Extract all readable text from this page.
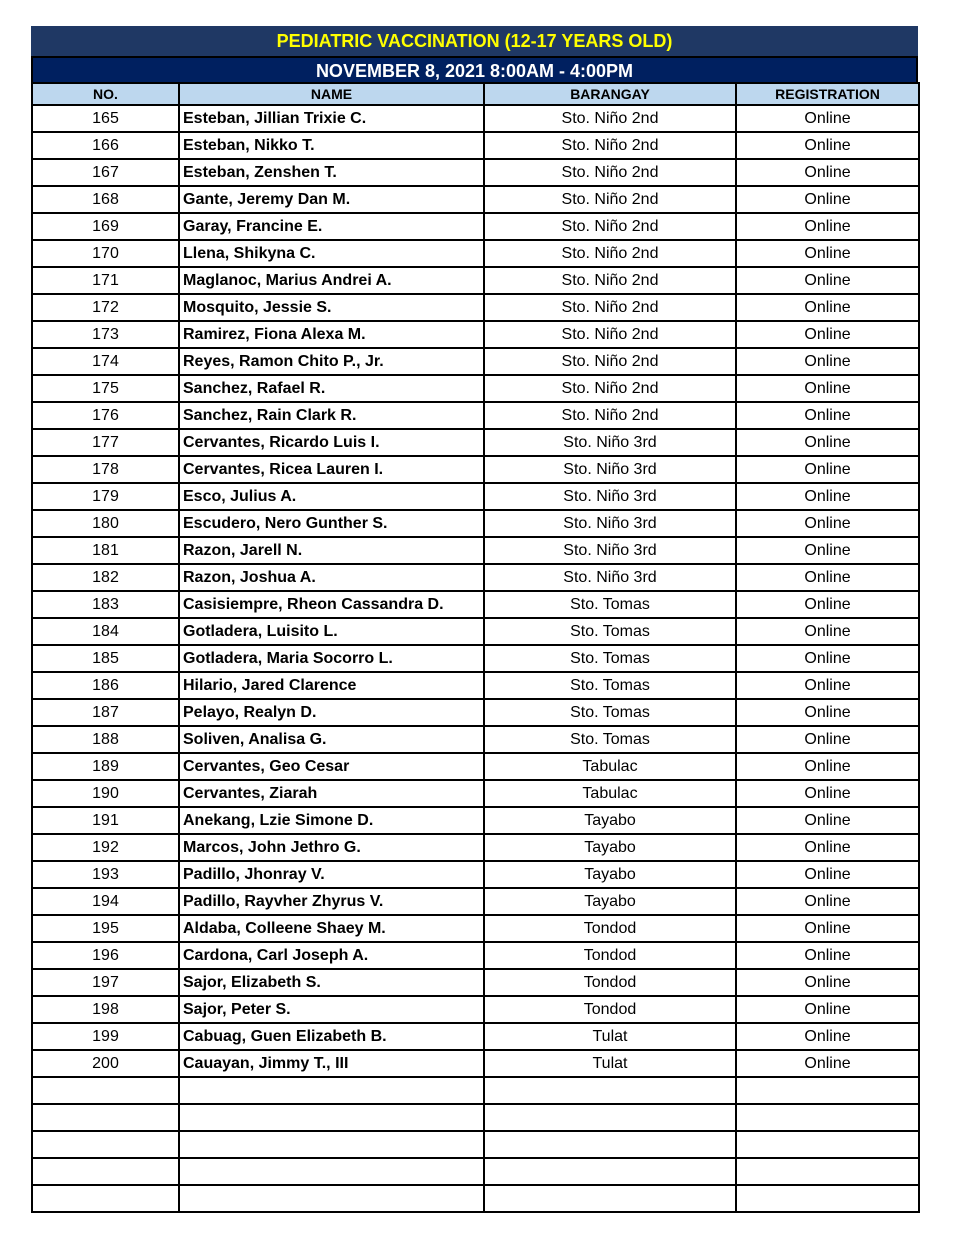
PEDIATRIC VACCINATION (12-17 YEARS OLD)
NOVEMBER 8, 2021 8:00AM - 4:00PM
NO.	NAME	BARANGAY	REGISTRATION
165	Esteban, Jillian Trixie C.	Sto. Niño 2nd	Online
166	Esteban, Nikko T.	Sto. Niño 2nd	Online
167	Esteban, Zenshen T.	Sto. Niño 2nd	Online
168	Gante, Jeremy Dan M.	Sto. Niño 2nd	Online
169	Garay, Francine E.	Sto. Niño 2nd	Online
170	Llena, Shikyna C.	Sto. Niño 2nd	Online
171	Maglanoc, Marius Andrei A.	Sto. Niño 2nd	Online
172	Mosquito, Jessie S.	Sto. Niño 2nd	Online
173	Ramirez, Fiona Alexa M.	Sto. Niño 2nd	Online
174	Reyes, Ramon Chito P., Jr.	Sto. Niño 2nd	Online
175	Sanchez, Rafael R.	Sto. Niño 2nd	Online
176	Sanchez, Rain Clark R.	Sto. Niño 2nd	Online
177	Cervantes, Ricardo Luis I.	Sto. Niño 3rd	Online
178	Cervantes, Ricea Lauren I.	Sto. Niño 3rd	Online
179	Esco, Julius A.	Sto. Niño 3rd	Online
180	Escudero, Nero Gunther S.	Sto. Niño 3rd	Online
181	Razon, Jarell N.	Sto. Niño 3rd	Online
182	Razon, Joshua A.	Sto. Niño 3rd	Online
183	Casisiempre, Rheon Cassandra D.	Sto. Tomas	Online
184	Gotladera, Luisito L.	Sto. Tomas	Online
185	Gotladera, Maria Socorro L.	Sto. Tomas	Online
186	Hilario, Jared Clarence	Sto. Tomas	Online
187	Pelayo, Realyn D.	Sto. Tomas	Online
188	Soliven, Analisa G.	Sto. Tomas	Online
189	Cervantes, Geo Cesar	Tabulac	Online
190	Cervantes, Ziarah	Tabulac	Online
191	Anekang, Lzie Simone D.	Tayabo	Online
192	Marcos, John Jethro G.	Tayabo	Online
193	Padillo, Jhonray V.	Tayabo	Online
194	Padillo, Rayvher Zhyrus V.	Tayabo	Online
195	Aldaba, Colleene Shaey M.	Tondod	Online
196	Cardona, Carl Joseph A.	Tondod	Online
197	Sajor, Elizabeth S.	Tondod	Online
198	Sajor, Peter S.	Tondod	Online
199	Cabuag, Guen Elizabeth B.	Tulat	Online
200	Cauayan, Jimmy T., III	Tulat	Online
